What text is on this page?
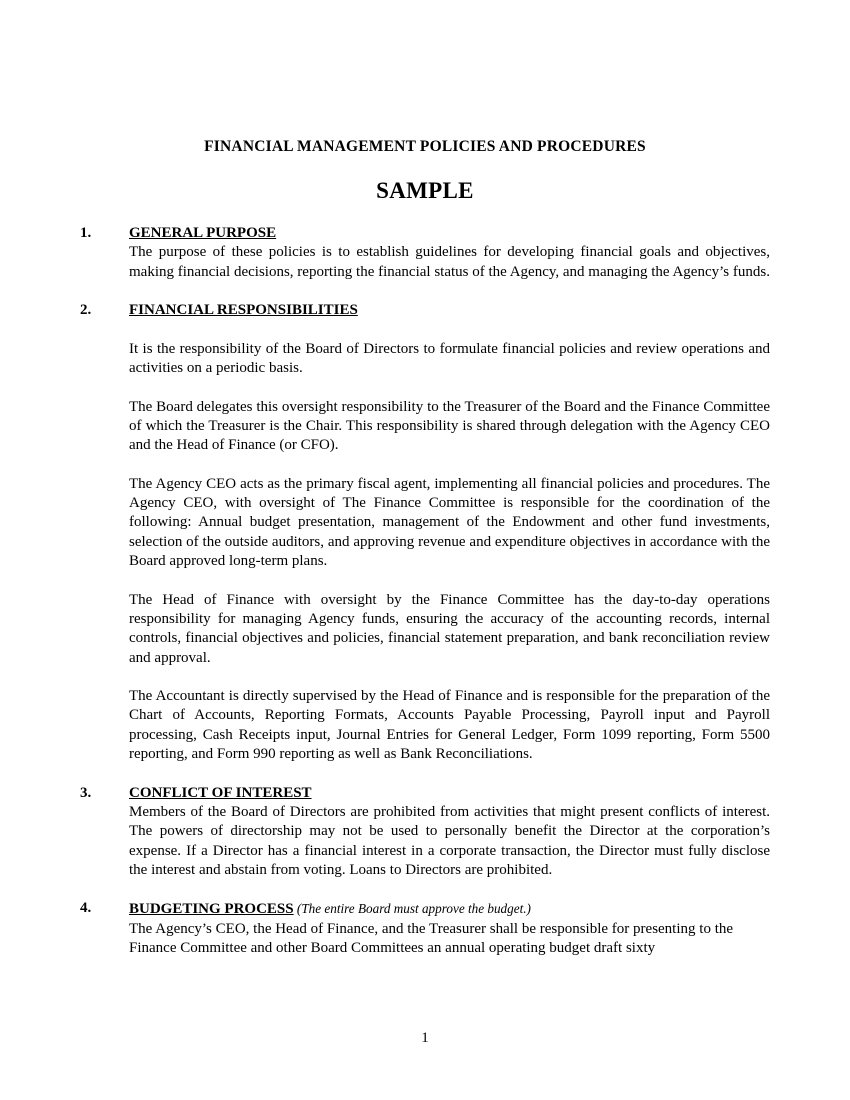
FINANCIAL MANAGEMENT POLICIES AND PROCEDURES
SAMPLE
1.	GENERAL PURPOSE

The purpose of these policies is to establish guidelines for developing financial goals and objectives, making financial decisions, reporting the financial status of the Agency, and managing the Agency’s funds.

2.	FINANCIAL RESPONSIBILITIES

It is the responsibility of the Board of Directors to formulate financial policies and review operations and activities on a periodic basis.

The Board delegates this oversight responsibility to the Treasurer of the Board and the Finance Committee of which the Treasurer is the Chair. This responsibility is shared through delegation with the Agency CEO and the Head of Finance (or CFO).

The Agency CEO acts as the primary fiscal agent, implementing all financial policies and procedures. The Agency CEO, with oversight of The Finance Committee is responsible for the coordination of the following: Annual budget presentation, management of the Endowment and other fund investments, selection of the outside auditors, and approving revenue and expenditure objectives in accordance with the Board approved long-term plans.

The Head of Finance with oversight by the Finance Committee has the day-to-day operations responsibility for managing Agency funds, ensuring the accuracy of the accounting records, internal controls, financial objectives and policies, financial statement preparation, and bank reconciliation review and approval.

The Accountant is directly supervised by the Head of Finance and is responsible for the preparation of the Chart of Accounts, Reporting Formats, Accounts Payable Processing, Payroll input and Payroll processing, Cash Receipts input, Journal Entries for General Ledger, Form 1099 reporting, Form 5500 reporting, and Form 990 reporting as well as Bank Reconciliations.

3.	CONFLICT OF INTEREST

Members of the Board of Directors are prohibited from activities that might present conflicts of interest. The powers of directorship may not be used to personally benefit the Director at the corporation’s expense. If a Director has a financial interest in a corporate transaction, the Director must fully disclose the interest and abstain from voting. Loans to Directors are prohibited.

4.	BUDGETING PROCESS (The entire Board must approve the budget.)

The Agency’s CEO, the Head of Finance, and the Treasurer shall be responsible for presenting to the Finance Committee and other Board Committees an annual operating budget draft sixty

1
